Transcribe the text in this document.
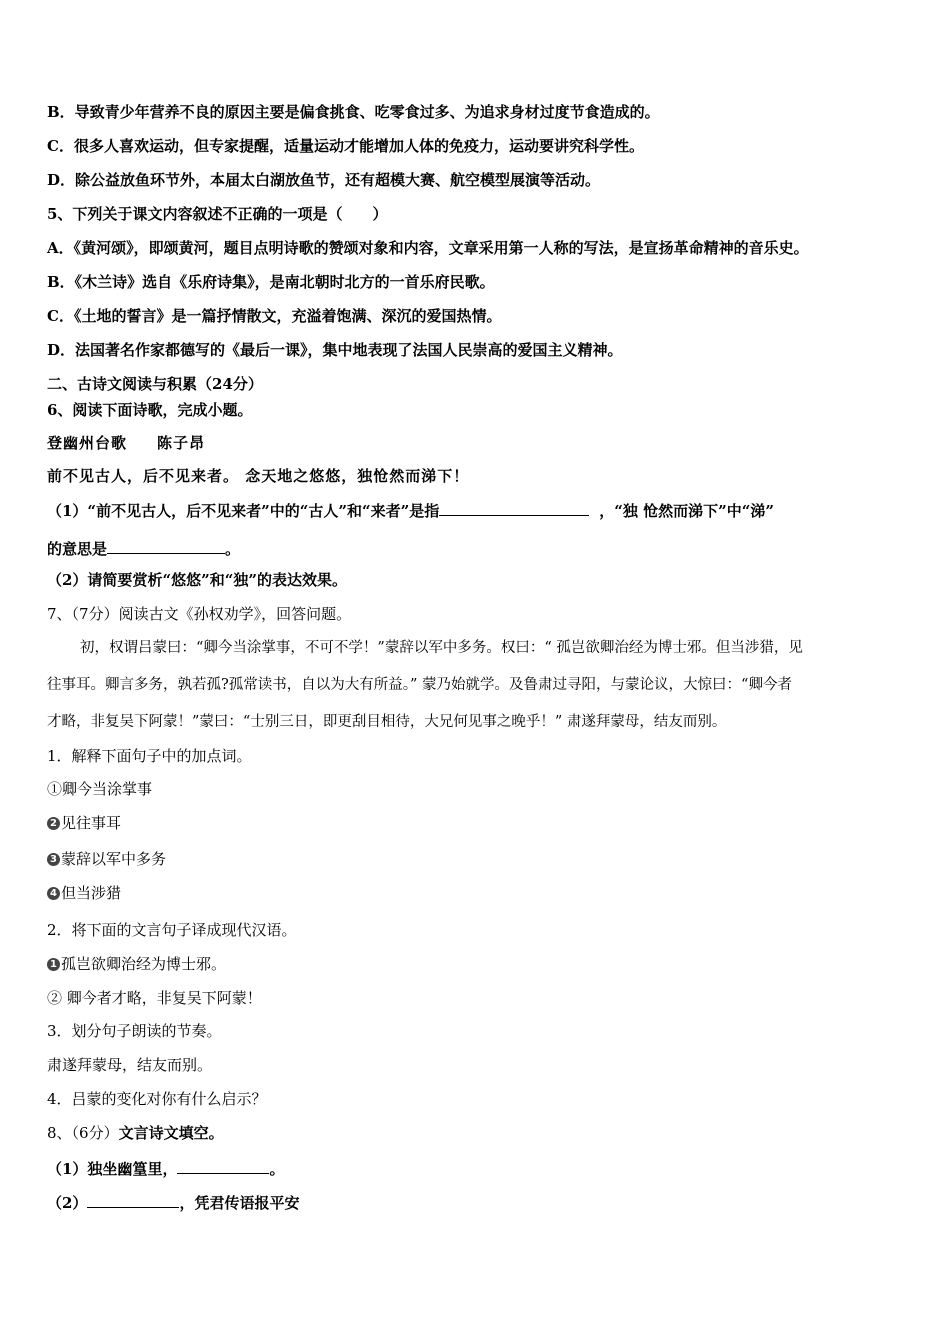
B．导致青少年营养不良的原因主要是偏食挑食、吃零食过多、为追求身材过度节食造成的。
C．很多人喜欢运动，但专家提醒，适量运动才能增加人体的免疫力，运动要讲究科学性。
D．除公益放鱼环节外，本届太白湖放鱼节，还有超模大赛、航空模型展演等活动。
5、下列关于课文内容叙述不正确的一项是（　　）
A．《黄河颂》，即颂黄河，题目点明诗歌的赞颂对象和内容，文章采用第一人称的写法，是宣扬革命精神的音乐史。
B．《木兰诗》选自《乐府诗集》，是南北朝时北方的一首乐府民歌。
C．《土地的誓言》是一篇抒情散文，充溢着饱满、深沉的爱国热情。
D．法国著名作家都德写的《最后一课》，集中地表现了法国人民崇高的爱国主义精神。
二、古诗文阅读与积累（24分）
6、阅读下面诗歌，完成小题。
登幽州台歌 陈子昂
前不见古人，后不见来者。 念天地之悠悠，独怆然而涕下！
（1）“前不见古人，后不见来者”中的“古人”和“来者”是指	，“独 怆然而涕下”中“涕”
的意思是	。
（2）请简要赏析“悠悠”和“独”的表达效果。
7、（7分）阅读古文《孙权劝学》，回答问题。
初，权谓吕蒙曰：“卿今当涂掌事，不可不学！”蒙辞以军中多务。权曰：“ 孤岂欲卿治经为博士邪。但当涉猎，见
往事耳。卿言多务，孰若孤?孤常读书，自以为大有所益。” 蒙乃始就学。及鲁肃过寻阳，与蒙论议，大惊曰：“卿今者
才略，非复吴下阿蒙！”蒙曰：“士别三日，即更刮目相待，大兄何见事之晚乎！” 肃遂拜蒙母，结友而别。
1．解释下面句子中的加点词。
①卿今当涂掌事
2 见往事耳
3 蒙辞以军中多务
4 但当涉猎
2．将下面的文言句子译成现代汉语。
1 孤岂欲卿治经为博士邪。
② 卿今者才略，非复吴下阿蒙！
3．划分句子朗读的节奏。
肃遂拜蒙母，结友而别。
4．吕蒙的变化对你有什么启示？
8、（6分）文言诗文填空。
（1）独坐幽篁里，	。
（2）	，凭君传语报平安
